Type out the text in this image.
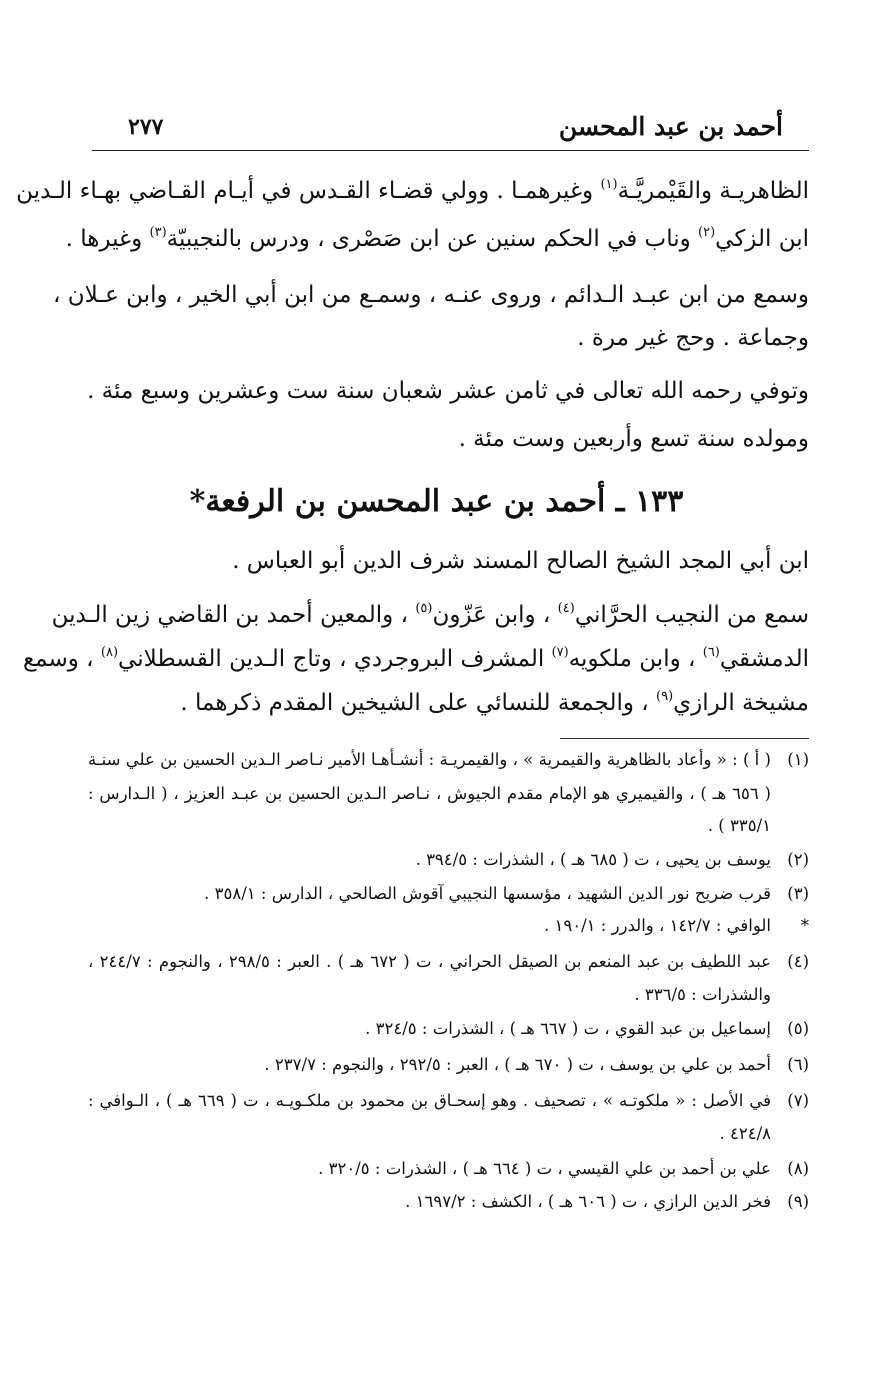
أحمد بن عبد المحسن
٢٧٧
الظاهريـة والقَيْمريَّـة$^{(١)}$ وغيرهمـا . وولي قضـاء القـدس في أيـام القـاضي بهـاء الـدين
ابن الزكي$^{(٢)}$ وناب في الحكم سنين عن ابن صَصْرى ، ودرس بالنجيبيّة$^{(٣)}$ وغيرها .
وسمع من ابن عبـد الـدائم ، وروى عنـه ، وسمـع من ابن أبي الخير ، وابن عـلان ،
وجماعة . وحج غير مرة .
وتوفي رحمه الله تعالى في ثامن عشر شعبان سنة ست وعشرين وسبع مئة .
ومولده سنة تسع وأربعين وست مئة .
١٣٣ ـ أحمد بن عبد المحسن بن الرفعة*
ابن أبي المجد الشيخ الصالح المسند شرف الدين أبو العباس .
سمع من النجيب الحرَّاني$^{(٤)}$ ، وابن عَزّون$^{(٥)}$ ، والمعين أحمد بن القاضي زين الـدين
الدمشقي$^{(٦)}$ ، وابن ملكويه$^{(٧)}$ المشرف البروجردي ، وتاج الـدين القسطلاني$^{(٨)}$ ، وسمع
مشيخة الرازي$^{(٩)}$ ، والجمعة للنسائي على الشيخين المقدم ذكرهما .
(١)( أ ) : « وأعاد بالظاهرية والقيمرية » ، والقيمريـة : أنشـأهـا الأمير نـاصر الـدين الحسين بن علي سنـة
( ٦٥٦ هـ ) ، والقيميري هو الإمام مقدم الجيوش ، نـاصر الـدين الحسين بن عبـد العزيز ، ( الـدارس :
٣٣٥/١ ) .
(٢)يوسف بن يحيى ، ت ( ٦٨٥ هـ ) ، الشذرات : ٣٩٤/٥ .
(٣)قرب ضريح نور الدين الشهيد ، مؤسسها النجيبي آقوش الصالحي ، الدارس : ٣٥٨/١ .
*الوافي : ١٤٢/٧ ، والدرر : ١٩٠/١ .
(٤)عبد اللطيف بن عبد المنعم بن الصيقل الحراني ، ت ( ٦٧٢ هـ ) . العبر : ٢٩٨/٥ ، والنجوم : ٢٤٤/٧ ،
والشذرات : ٣٣٦/٥ .
(٥)إسماعيل بن عبد القوي ، ت ( ٦٦٧ هـ ) ، الشذرات : ٣٢٤/٥ .
(٦)أحمد بن علي بن يوسف ، ت ( ٦٧٠ هـ ) ، العبر : ٢٩٢/٥ ، والنجوم : ٢٣٧/٧ .
(٧)في الأصل : « ملكوتـه » ، تصحيف . وهو إسحـاق بن محمود بن ملكـويـه ، ت ( ٦٦٩ هـ ) ، الـوافي :
٤٢٤/٨ .
(٨)علي بن أحمد بن علي القيسي ، ت ( ٦٦٤ هـ ) ، الشذرات : ٣٢٠/٥ .
(٩)فخر الدين الرازي ، ت ( ٦٠٦ هـ ) ، الكشف : ١٦٩٧/٢ .
